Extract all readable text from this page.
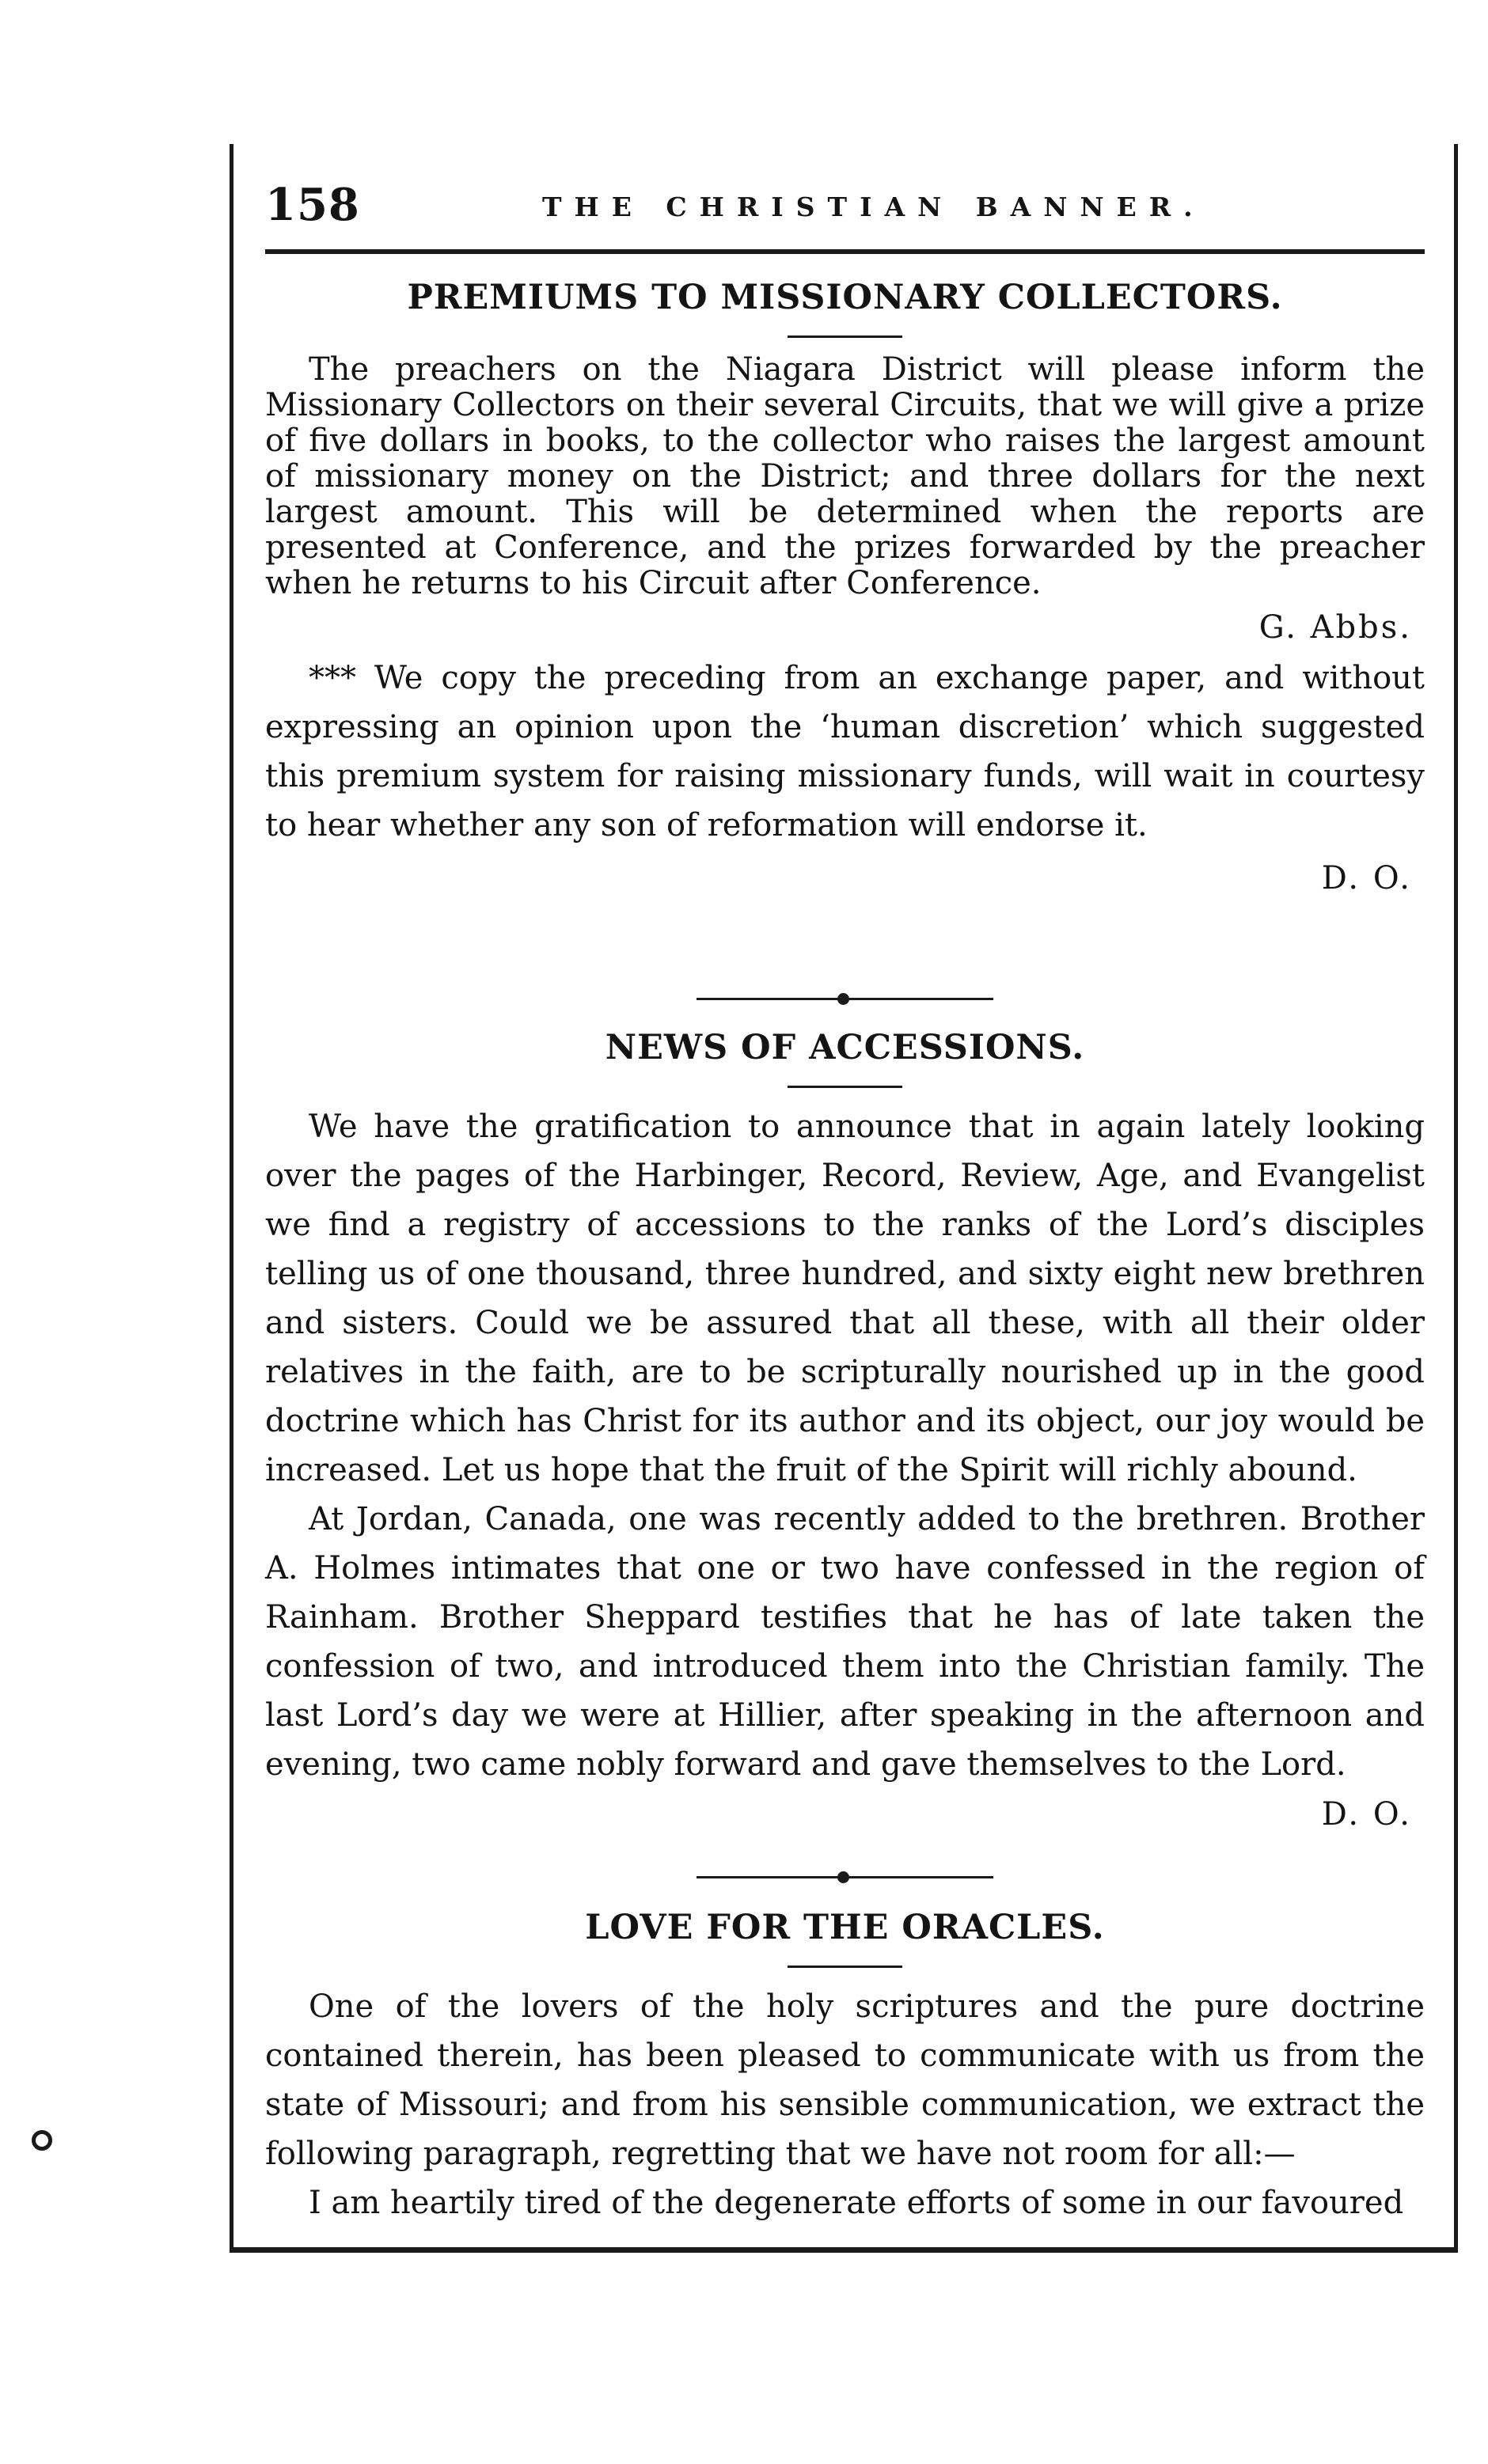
158	THE CHRISTIAN BANNER.
PREMIUMS TO MISSIONARY COLLECTORS.

The preachers on the Niagara District will please inform the Missionary Collectors on their several Circuits, that we will give a prize of five dollars in books, to the collector who raises the largest amount of missionary money on the District; and three dollars for the next largest amount. This will be determined when the reports are presented at Conference, and the prizes forwarded by the preacher when he returns to his Circuit after Conference.

G. Abbs.

*** We copy the preceding from an exchange paper, and without expressing an opinion upon the ‘human discretion’ which suggested this premium system for raising missionary funds, will wait in courtesy to hear whether any son of reformation will endorse it.

D. O.

NEWS OF ACCESSIONS.

We have the gratification to announce that in again lately looking over the pages of the Harbinger, Record, Review, Age, and Evangelist we find a registry of accessions to the ranks of the Lord’s disciples telling us of one thousand, three hundred, and sixty eight new brethren and sisters. Could we be assured that all these, with all their older relatives in the faith, are to be scripturally nourished up in the good doctrine which has Christ for its author and its object, our joy would be increased. Let us hope that the fruit of the Spirit will richly abound.

At Jordan, Canada, one was recently added to the brethren. Brother A. Holmes intimates that one or two have confessed in the region of Rainham. Brother Sheppard testifies that he has of late taken the confession of two, and introduced them into the Christian family. The last Lord’s day we were at Hillier, after speaking in the afternoon and evening, two came nobly forward and gave themselves to the Lord.

D. O.

LOVE FOR THE ORACLES.

One of the lovers of the holy scriptures and the pure doctrine contained therein, has been pleased to communicate with us from the state of Missouri; and from his sensible communication, we extract the following paragraph, regretting that we have not room for all:—

I am heartily tired of the degenerate efforts of some in our favoured
